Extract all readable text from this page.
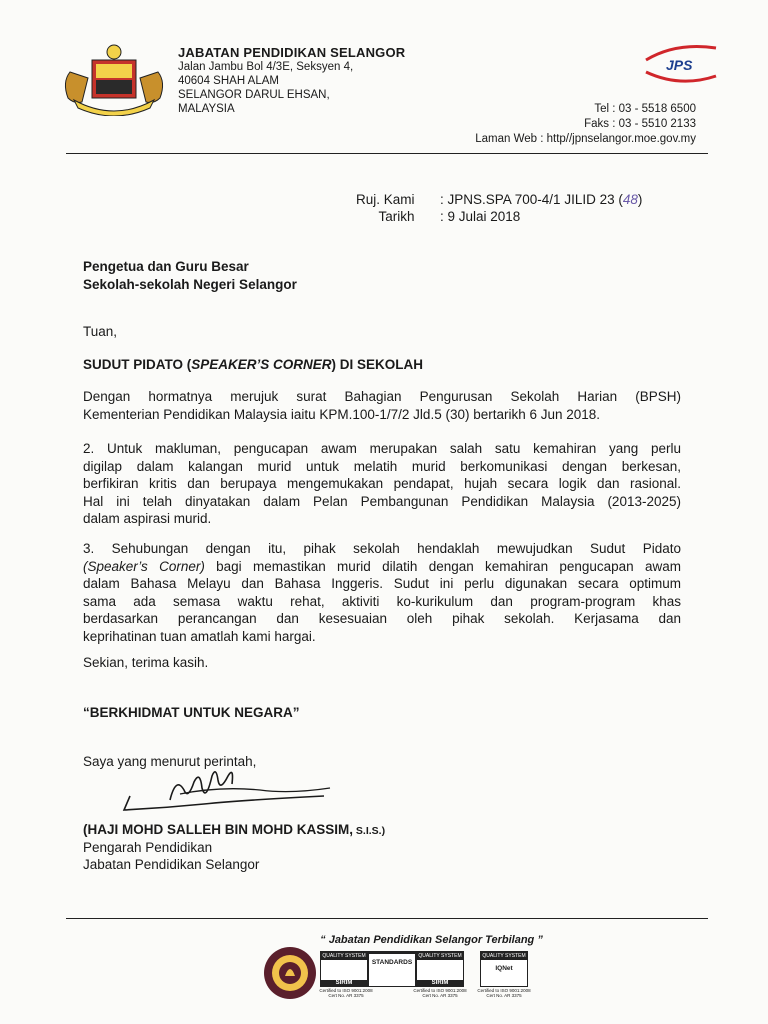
JABATAN PENDIDIKAN SELANGOR
Jalan Jambu Bol 4/3E, Seksyen 4,
40604 SHAH ALAM
SELANGOR DARUL EHSAN,
MALAYSIA
JPS
Tel : 03 - 5518 6500
Faks : 03 - 5510 2133
Laman Web : http//jpnselangor.moe.gov.my
Ruj. Kami
Tarikh
: JPNS.SPA 700-4/1 JILID 23 (48)
: 9 Julai 2018
Pengetua dan Guru Besar
Sekolah-sekolah Negeri Selangor
Tuan,
SUDUT PIDATO (SPEAKER’S CORNER) DI SEKOLAH
Dengan hormatnya merujuk surat Bahagian Pengurusan Sekolah Harian (BPSH)
Kementerian Pendidikan Malaysia iaitu KPM.100-1/7/2 Jld.5 (30) bertarikh 6 Jun 2018.
2. Untuk makluman, pengucapan awam merupakan salah satu kemahiran yang perlu
digilap dalam kalangan murid untuk melatih murid berkomunikasi dengan berkesan,
berfikiran kritis dan berupaya mengemukakan pendapat, hujah secara logik dan rasional.
Hal ini telah dinyatakan dalam Pelan Pembangunan Pendidikan Malaysia (2013-2025)
dalam aspirasi murid.
3. Sehubungan dengan itu, pihak sekolah hendaklah mewujudkan Sudut Pidato
(Speaker’s Corner) bagi memastikan murid dilatih dengan kemahiran pengucapan awam
dalam Bahasa Melayu dan Bahasa Inggeris. Sudut ini perlu digunakan secara optimum
sama ada semasa waktu rehat, aktiviti ko-kurikulum dan program-program khas
berdasarkan perancangan dan kesesuaian oleh pihak sekolah. Kerjasama dan
keprihatinan tuan amatlah kami hargai.
Sekian, terima kasih.
“BERKHIDMAT UNTUK NEGARA”
Saya yang menurut perintah,
(HAJI MOHD SALLEH BIN MOHD KASSIM, S.I.S.)
Pengarah Pendidikan
Jabatan Pendidikan Selangor
“ Jabatan Pendidikan Selangor Terbilang ”
QUALITY SYSTEM
SIRIM
STANDARDS
QUALITY SYSTEM
SIRIM
QUALITY SYSTEM
IQNet
Certified to ISO 9001:2008 Cert No. AR 3375
Certified to ISO 9001:2008 Cert No. AR 3375
Certified to ISO 9001:2008 Cert No. AR 3375
